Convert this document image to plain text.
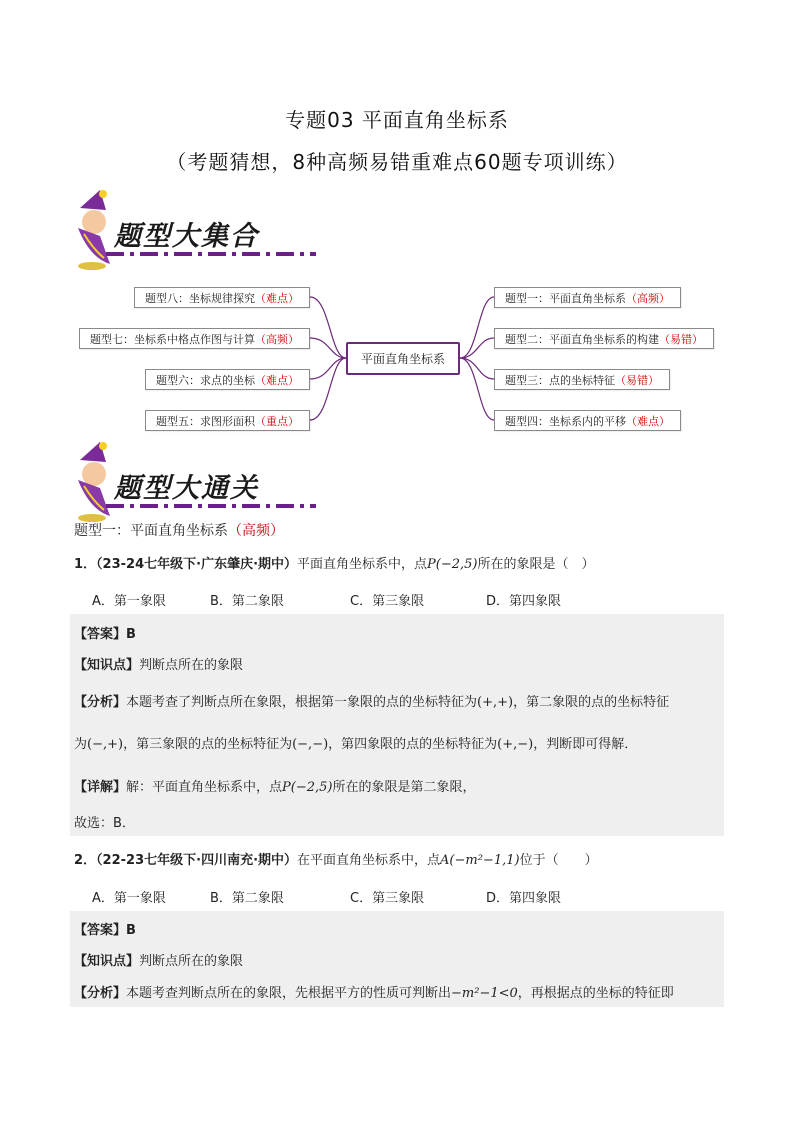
专题03 平面直角坐标系
（考题猜想，8种高频易错重难点60题专项训练）
题型大集合
平面直角坐标系
题型八：坐标规律探究（难点）
题型七：坐标系中格点作图与计算（高频）
题型六：求点的坐标（难点）
题型五：求图形面积（重点）
题型一：平面直角坐标系（高频）
题型二：平面直角坐标系的构建（易错）
题型三：点的坐标特征（易错）
题型四：坐标系内的平移（难点）
题型大通关
题型一：平面直角坐标系（高频）
1．（23-24七年级下·广东肇庆·期中）平面直角坐标系中，点P(−2,5)所在的象限是（　）
A．第一象限	B．第二象限	C．第三象限	D．第四象限
【答案】B
【知识点】判断点所在的象限
【分析】本题考查了判断点所在象限，根据第一象限的点的坐标特征为(+,+)，第二象限的点的坐标特征
为(−,+)，第三象限的点的坐标特征为(−,−)，第四象限的点的坐标特征为(+,−)，判断即可得解．
【详解】解：平面直角坐标系中，点P(−2,5)所在的象限是第二象限，
故选：B．
2．（22-23七年级下·四川南充·期中）在平面直角坐标系中，点A(−m²−1,1)位于（　　）
A．第一象限	B．第二象限	C．第三象限	D．第四象限
【答案】B
【知识点】判断点所在的象限
【分析】本题考查判断点所在的象限，先根据平方的性质可判断出−m²−1<0，再根据点的坐标的特征即
